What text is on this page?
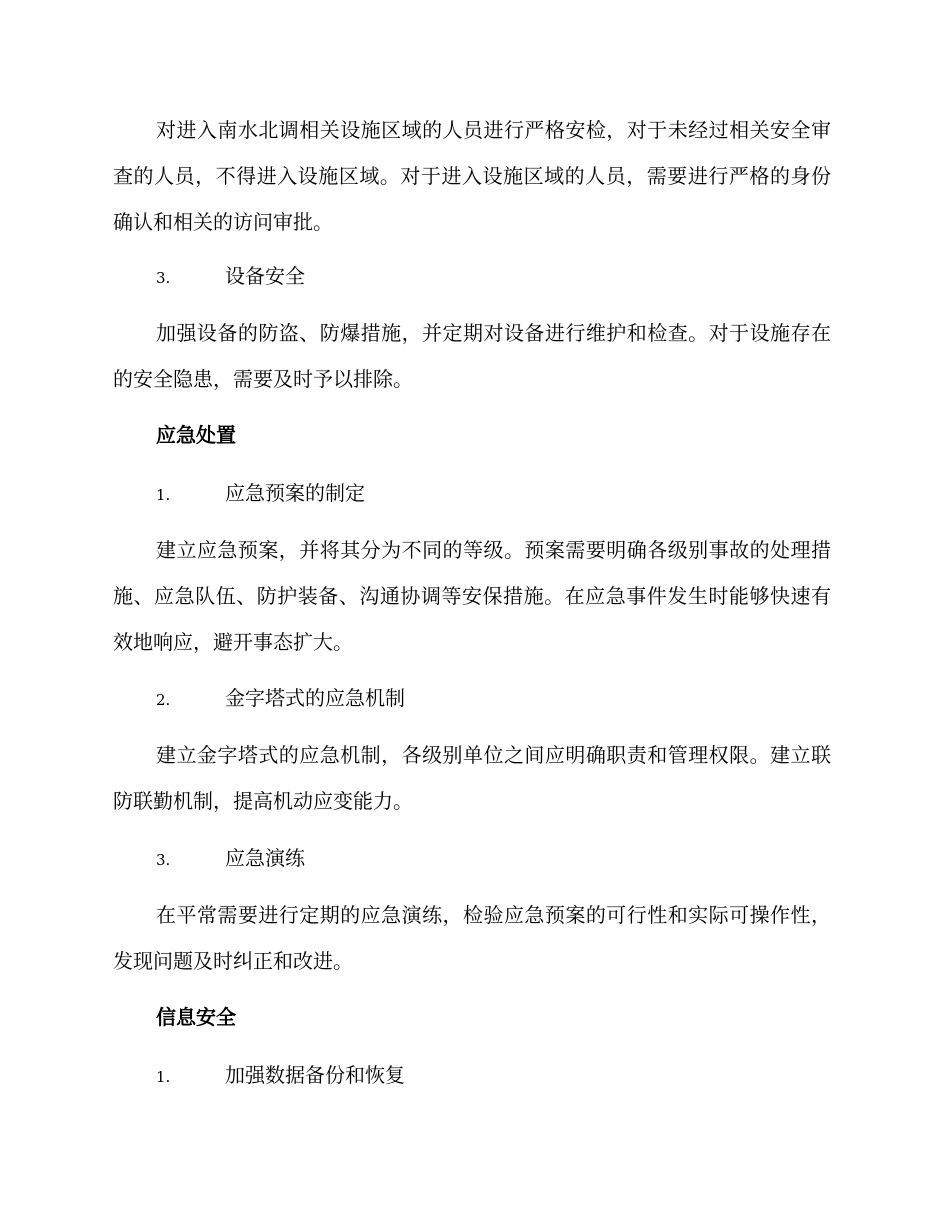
对进入南水北调相关设施区域的人员进行严格安检，对于未经过相关安全审查的人员，不得进入设施区域。对于进入设施区域的人员，需要进行严格的身份确认和相关的访问审批。

3.	设备安全

加强设备的防盗、防爆措施，并定期对设备进行维护和检查。对于设施存在的安全隐患，需要及时予以排除。

应急处置

1.	应急预案的制定

建立应急预案，并将其分为不同的等级。预案需要明确各级别事故的处理措施、应急队伍、防护装备、沟通协调等安保措施。在应急事件发生时能够快速有效地响应，避开事态扩大。

2.	金字塔式的应急机制

建立金字塔式的应急机制，各级别单位之间应明确职责和管理权限。建立联防联勤机制，提高机动应变能力。

3.	应急演练

在平常需要进行定期的应急演练，检验应急预案的可行性和实际可操作性，发现问题及时纠正和改进。

信息安全

1.	加强数据备份和恢复
